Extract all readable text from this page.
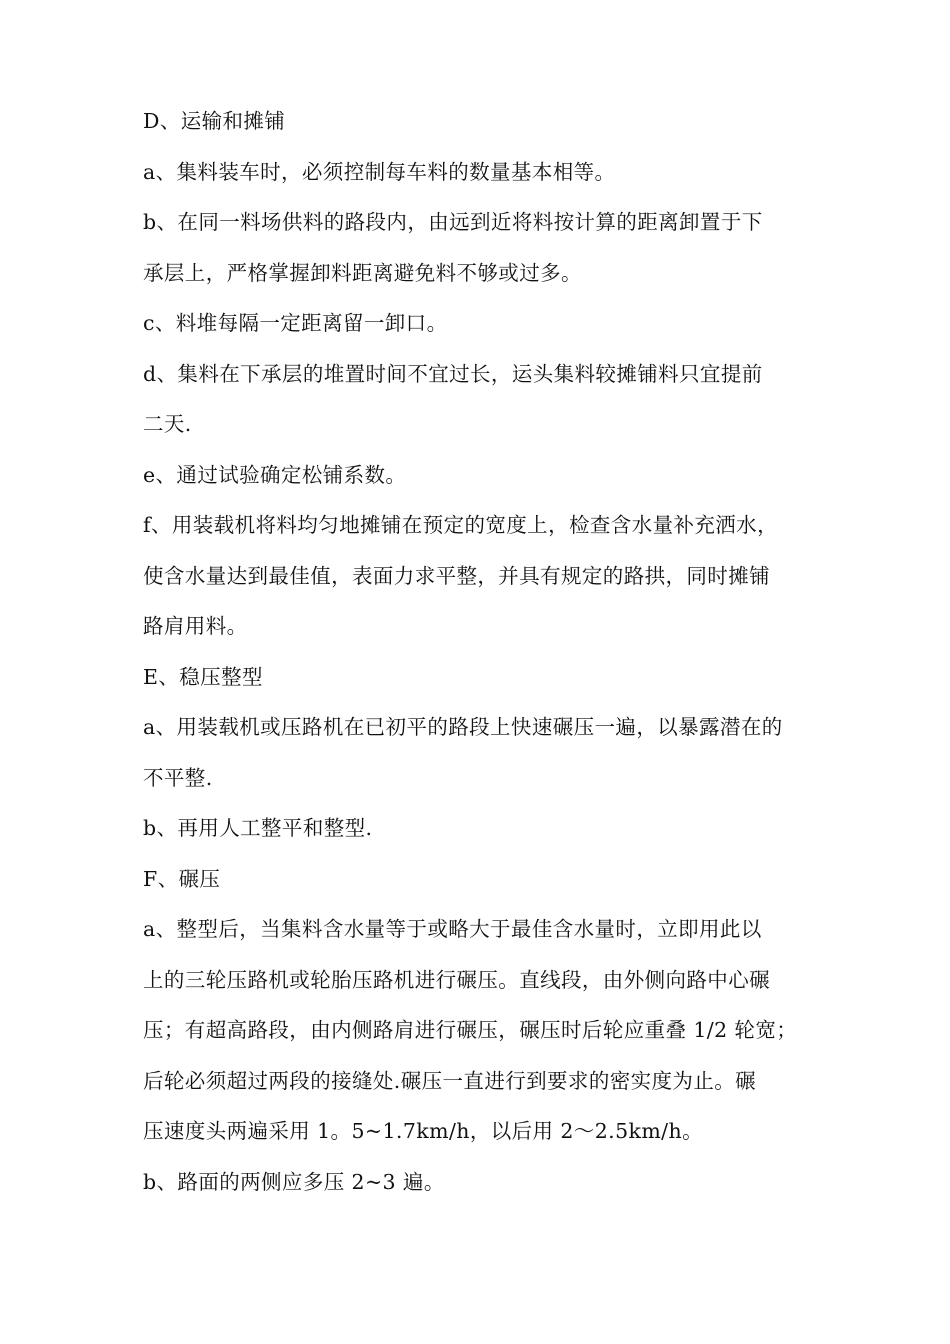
D、运输和摊铺
a、集料装车时，必须控制每车料的数量基本相等。
b、在同一料场供料的路段内，由远到近将料按计算的距离卸置于下
承层上，严格掌握卸料距离避免料不够或过多。
c、料堆每隔一定距离留一卸口。
d、集料在下承层的堆置时间不宜过长，运头集料较摊铺料只宜提前
二天.
e、通过试验确定松铺系数。
f、用装载机将料均匀地摊铺在预定的宽度上，检查含水量补充洒水，
使含水量达到最佳值，表面力求平整，并具有规定的路拱，同时摊铺
路肩用料。
E、稳压整型
a、用装载机或压路机在已初平的路段上快速碾压一遍，以暴露潜在的
不平整.
b、再用人工整平和整型.
F、碾压
a、整型后，当集料含水量等于或略大于最佳含水量时，立即用此以
上的三轮压路机或轮胎压路机进行碾压。直线段，由外侧向路中心碾
压；有超高路段，由内侧路肩进行碾压，碾压时后轮应重叠 1/2 轮宽；
后轮必须超过两段的接缝处.碾压一直进行到要求的密实度为止。碾
压速度头两遍采用 1。5~1.7km/h，以后用 2～2.5km/h。
b、路面的两侧应多压 2~3 遍。
